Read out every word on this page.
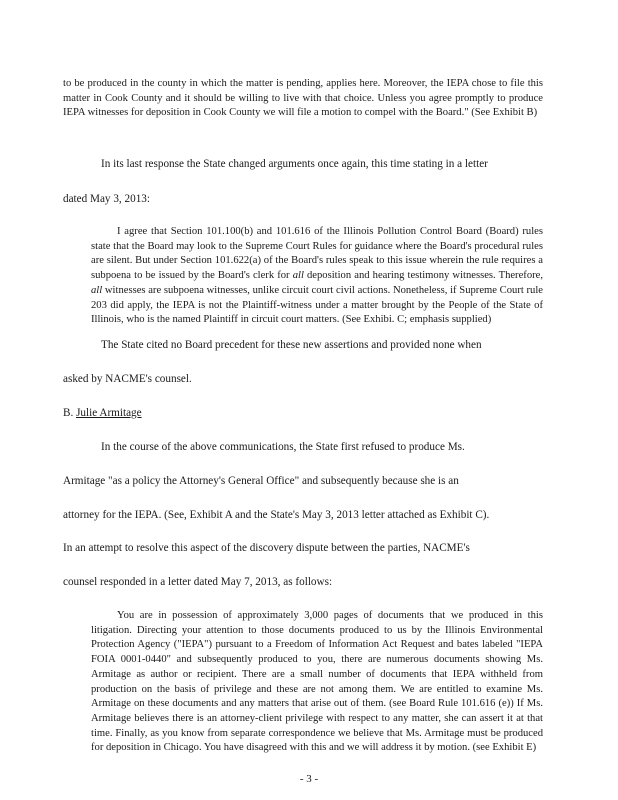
to be produced in the county in which the matter is pending, applies here. Moreover, the IEPA chose to file this matter in Cook County and it should be willing to live with that choice. Unless you agree promptly to produce IEPA witnesses for deposition in Cook County we will file a motion to compel with the Board." (See Exhibit B)

In its last response the State changed arguments once again, this time stating in a letter

dated May 3, 2013:

I agree that Section 101.100(b) and 101.616 of the Illinois Pollution Control Board (Board) rules state that the Board may look to the Supreme Court Rules for guidance where the Board's procedural rules are silent. But under Section 101.622(a) of the Board's rules speak to this issue wherein the rule requires a subpoena to be issued by the Board's clerk for all deposition and hearing testimony witnesses. Therefore, all witnesses are subpoena witnesses, unlike circuit court civil actions. Nonetheless, if Supreme Court rule 203 did apply, the IEPA is not the Plaintiff-witness under a matter brought by the People of the State of Illinois, who is the named Plaintiff in circuit court matters. (See Exhibi. C; emphasis supplied)

The State cited no Board precedent for these new assertions and provided none when

asked by NACME's counsel.

B. Julie Armitage

In the course of the above communications, the State first refused to produce Ms.

Armitage "as a policy the Attorney's General Office" and subsequently because she is an

attorney for the IEPA. (See, Exhibit A and the State's May 3, 2013 letter attached as Exhibit C).

In an attempt to resolve this aspect of the discovery dispute between the parties, NACME's

counsel responded in a letter dated May 7, 2013, as follows:

You are in possession of approximately 3,000 pages of documents that we produced in this litigation. Directing your attention to those documents produced to us by the Illinois Environmental Protection Agency ("IEPA") pursuant to a Freedom of Information Act Request and bates labeled "IEPA FOIA 0001-0440" and subsequently produced to you, there are numerous documents showing Ms. Armitage as author or recipient. There are a small number of documents that IEPA withheld from production on the basis of privilege and these are not among them. We are entitled to examine Ms. Armitage on these documents and any matters that arise out of them. (see Board Rule 101.616 (e)) If Ms. Armitage believes there is an attorney-client privilege with respect to any matter, she can assert it at that time. Finally, as you know from separate correspondence we believe that Ms. Armitage must be produced for deposition in Chicago. You have disagreed with this and we will address it by motion. (see Exhibit E)

- 3 -
